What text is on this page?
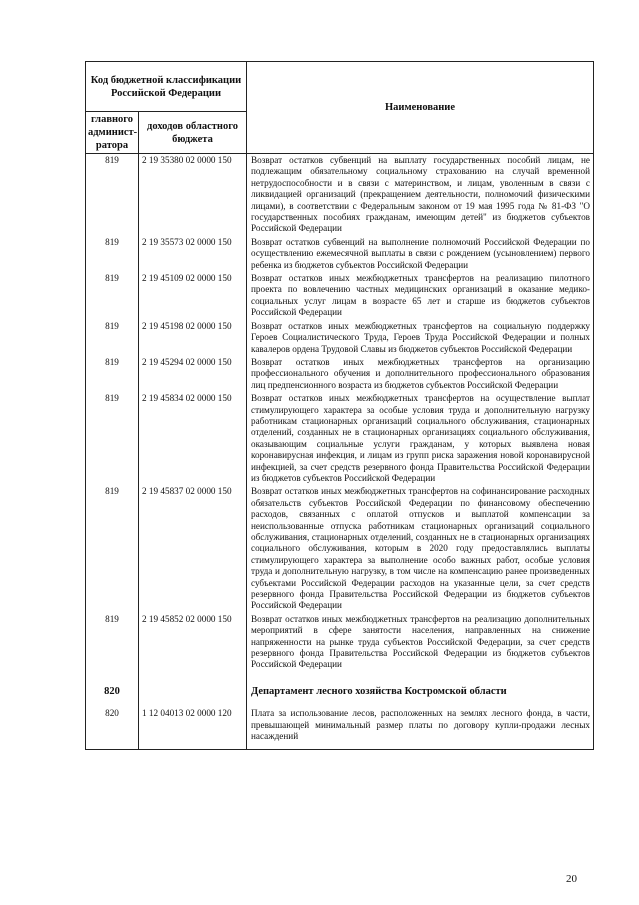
Код бюджетной классификации Российской Федерации		Наименование
главного админист-ратора	доходов областного бюджета	
819	2 19 35380 02 0000 150	Возврат остатков субвенций на выплату государственных пособий лицам, не подлежащим обязательному социальному страхованию на случай временной нетрудоспособности и в связи с материнством, и лицам, уволенным в связи с ликвидацией организаций (прекращением деятельности, полномочий физическими лицами), в соответствии с Федеральным законом от 19 мая 1995 года № 81-ФЗ "О государственных пособиях гражданам, имеющим детей" из бюджетов субъектов Российской Федерации
819	2 19 35573 02 0000 150	Возврат остатков субвенций на выполнение полномочий Российской Федерации по осуществлению ежемесячной выплаты в связи с рождением (усыновлением) первого ребенка из бюджетов субъектов Российской Федерации
819	2 19 45109 02 0000 150	Возврат остатков иных межбюджетных трансфертов на реализацию пилотного проекта по вовлечению частных медицинских организаций в оказание медико-социальных услуг лицам в возрасте 65 лет и старше из бюджетов субъектов Российской Федерации
819	2 19 45198 02 0000 150	Возврат остатков иных межбюджетных трансфертов на социальную поддержку Героев Социалистического Труда, Героев Труда Российской Федерации и полных кавалеров ордена Трудовой Славы из бюджетов субъектов Российской Федерации
819	2 19 45294 02 0000 150	Возврат остатков иных межбюджетных трансфертов на организацию профессионального обучения и дополнительного профессионального образования лиц предпенсионного возраста из бюджетов субъектов Российской Федерации
819	2 19 45834 02 0000 150	Возврат остатков иных межбюджетных трансфертов на осуществление выплат стимулирующего характера за особые условия труда и дополнительную нагрузку работникам стационарных организаций социального обслуживания, стационарных отделений, созданных не в стационарных организациях социального обслуживания, оказывающим социальные услуги гражданам, у которых выявлена новая коронавирусная инфекция, и лицам из групп риска заражения новой коронавирусной инфекцией, за счет средств резервного фонда Правительства Российской Федерации из бюджетов субъектов Российской Федерации
819	2 19 45837 02 0000 150	Возврат остатков иных межбюджетных трансфертов на софинансирование расходных обязательств субъектов Российской Федерации по финансовому обеспечению расходов, связанных с оплатой отпусков и выплатой компенсации за неиспользованные отпуска работникам стационарных организаций социального обслуживания, стационарных отделений, созданных не в стационарных организациях социального обслуживания, которым в 2020 году предоставлялись выплаты стимулирующего характера за выполнение особо важных работ, особые условия труда и дополнительную нагрузку, в том числе на компенсацию ранее произведенных субъектами Российской Федерации расходов на указанные цели, за счет средств резервного фонда Правительства Российской Федерации из бюджетов субъектов Российской Федерации
819	2 19 45852 02 0000 150	Возврат остатков иных межбюджетных трансфертов на реализацию дополнительных мероприятий в сфере занятости населения, направленных на снижение напряженности на рынке труда субъектов Российской Федерации, за счет средств резервного фонда Правительства Российской Федерации из бюджетов субъектов Российской Федерации
820		Департамент лесного хозяйства Костромской области
820	1 12 04013 02 0000 120	Плата за использование лесов, расположенных на землях лесного фонда, в части, превышающей минимальный размер платы по договору купли-продажи лесных насаждений
20
